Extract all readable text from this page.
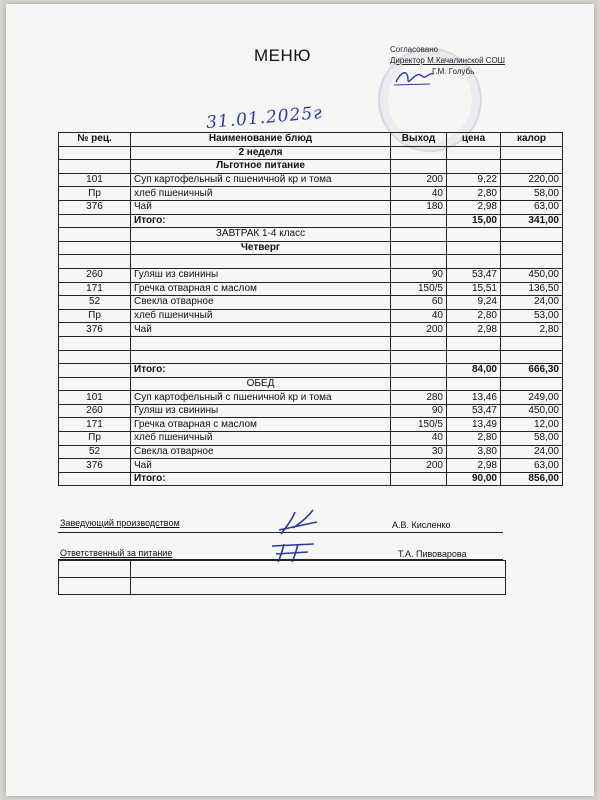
МЕНЮ	Согласовано
Директор М.Качалинской СОШ
Г.М. Голубь
31.01.2025г
№ рец.	Наименование блюд	Выход	цена	калор
	2 неделя			
	Льготное питание			
101	Суп картофельный с пшеничной кр и тома	200	9,22	220,00
Пр	хлеб пшеничный	40	2,80	58,00
376	Чай	180	2,98	63,00
	Итого:		15,00	341,00
	ЗАВТРАК 1-4 класс			
	Четверг			

260	Гуляш из свинины	90	53,47	450,00
171	Гречка отварная с маслом	150/5	15,51	136,50
52	Свекла отварное	60	9,24	24,00
Пр	хлеб пшеничный	40	2,80	53,00
376	Чай	200	2,98	2,80

	Итого:		84,00	666,30
	ОБЕД			
101	Суп картофельный с пшеничной кр и тома	280	13,46	249,00
260	Гуляш из свинины	90	53,47	450,00
171	Гречка отварная с маслом	150/5	13,49	12,00
Пр	хлеб пшеничный	40	2,80	58,00
52	Свекла отварное	30	3,80	24,00
376	Чай	200	2,98	63,00
	Итого:		90,00	856,00
Заведующий производством	А.В. Кисленко
Ответственный за питание	Т.А. Пивоварова
